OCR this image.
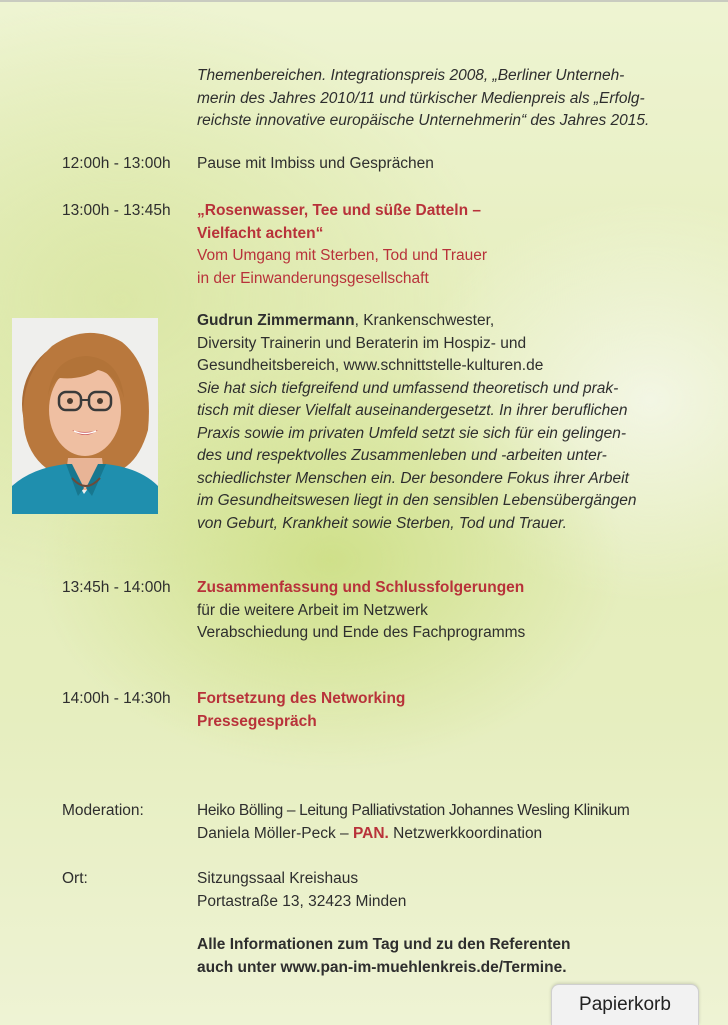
Themenbereichen. Integrationspreis 2008, „Berliner Unterneh-
merin des Jahres 2010/11 und türkischer Medienpreis als „Erfolg-
reichste innovative europäische Unternehmerin“ des Jahres 2015.
12:00h - 13:00h Pause mit Imbiss und Gesprächen
13:00h - 13:45h „Rosenwasser, Tee und süße Datteln –
Vielfacht achten“
Vom Umgang mit Sterben, Tod und Trauer
in der Einwanderungsgesellschaft
Gudrun Zimmermann, Krankenschwester,
Diversity Trainerin und Beraterin im Hospiz- und
Gesundheitsbereich, www.schnittstelle-kulturen.de
Sie hat sich tiefgreifend und umfassend theoretisch und prak-
tisch mit dieser Vielfalt auseinandergesetzt. In ihrer beruflichen
Praxis sowie im privaten Umfeld setzt sie sich für ein gelingen-
des und respektvolles Zusammenleben und -arbeiten unter-
schiedlichster Menschen ein. Der besondere Fokus ihrer Arbeit
im Gesundheitswesen liegt in den sensiblen Lebensübergängen
von Geburt, Krankheit sowie Sterben, Tod und Trauer.
13:45h - 14:00h Zusammenfassung und Schlussfolgerungen
für die weitere Arbeit im Netzwerk
Verabschiedung und Ende des Fachprogramms
14:00h - 14:30h Fortsetzung des Networking
Pressegespräch
Moderation:	Heiko Bölling – Leitung Palliativstation Johannes Wesling Klinikum
Daniela Möller-Peck – PAN. Netzwerkkoordination
Ort:	Sitzungssaal Kreishaus
Portastraße 13, 32423 Minden
Alle Informationen zum Tag und zu den Referenten
auch unter www.pan-im-muehlenkreis.de/Termine.
Papierkorb
